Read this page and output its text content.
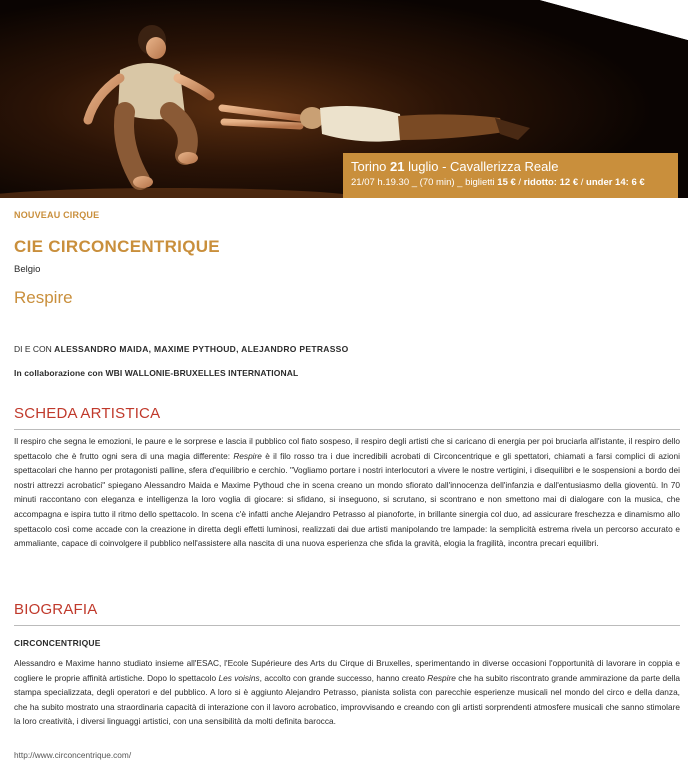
Torino 21 luglio - Cavallerizza Reale
21/07 h.19.30 _ (70 min) _ biglietti 15 € / ridotto: 12 € / under 14: 6 €
NOUVEAU CIRQUE
CIE CIRCONCENTRIQUE
Belgio
Respire
DI E CON ALESSANDRO MAIDA, MAXIME PYTHOUD, ALEJANDRO PETRASSO
In collaborazione con WBI WALLONIE-BRUXELLES INTERNATIONAL
SCHEDA ARTISTICA
Il respiro che segna le emozioni, le paure e le sorprese e lascia il pubblico col fiato sospeso, il respiro degli artisti che si caricano di energia per poi bruciarla all'istante, il respiro dello spettacolo che è frutto ogni sera di una magia differente: Respire è il filo rosso tra i due incredibili acrobati di Circoncentrique e gli spettatori, chiamati a farsi complici di azioni spettacolari che hanno per protagonisti palline, sfera d'equilibrio e cerchio. "Vogliamo portare i nostri interlocutori a vivere le nostre vertigini, i disequilibri e le sospensioni a bordo dei nostri attrezzi acrobatici" spiegano Alessandro Maida e Maxime Pythoud che in scena creano un mondo sfiorato dall'innocenza dell'infanzia e dall'entusiasmo della gioventù. In 70 minuti raccontano con eleganza e intelligenza la loro voglia di giocare: si sfidano, si inseguono, si scrutano, si scontrano e non smettono mai di dialogare con la musica, che accompagna e ispira tutto il ritmo dello spettacolo. In scena c'è infatti anche Alejandro Petrasso al pianoforte, in brillante sinergia col duo, ad assicurare freschezza e dinamismo allo spettacolo così come accade con la creazione in diretta degli effetti luminosi, realizzati dai due artisti manipolando tre lampade: la semplicità estrema rivela un percorso accurato e ammaliante, capace di coinvolgere il pubblico nell'assistere alla nascita di una nuova esperienza che sfida la gravità, elogia la fragilità, incontra precari equilibri.
BIOGRAFIA
CIRCONCENTRIQUE
Alessandro e Maxime hanno studiato insieme all'ESAC, l'Ecole Supérieure des Arts du Cirque di Bruxelles, sperimentando in diverse occasioni l'opportunità di lavorare in coppia e cogliere le proprie affinità artistiche. Dopo lo spettacolo Les voisins, accolto con grande successo, hanno creato Respire che ha subito riscontrato grande ammirazione da parte della stampa specializzata, degli operatori e del pubblico. A loro si è aggiunto Alejandro Petrasso, pianista solista con parecchie esperienze musicali nel mondo del circo e della danza, che ha subito mostrato una straordinaria capacità di interazione con il lavoro acrobatico, improvvisando e creando con gli artisti sorprendenti atmosfere musicali che sanno stimolare la loro creatività, i diversi linguaggi artistici, con una sensibilità da molti definita barocca.
http://www.circoncentrique.com/
